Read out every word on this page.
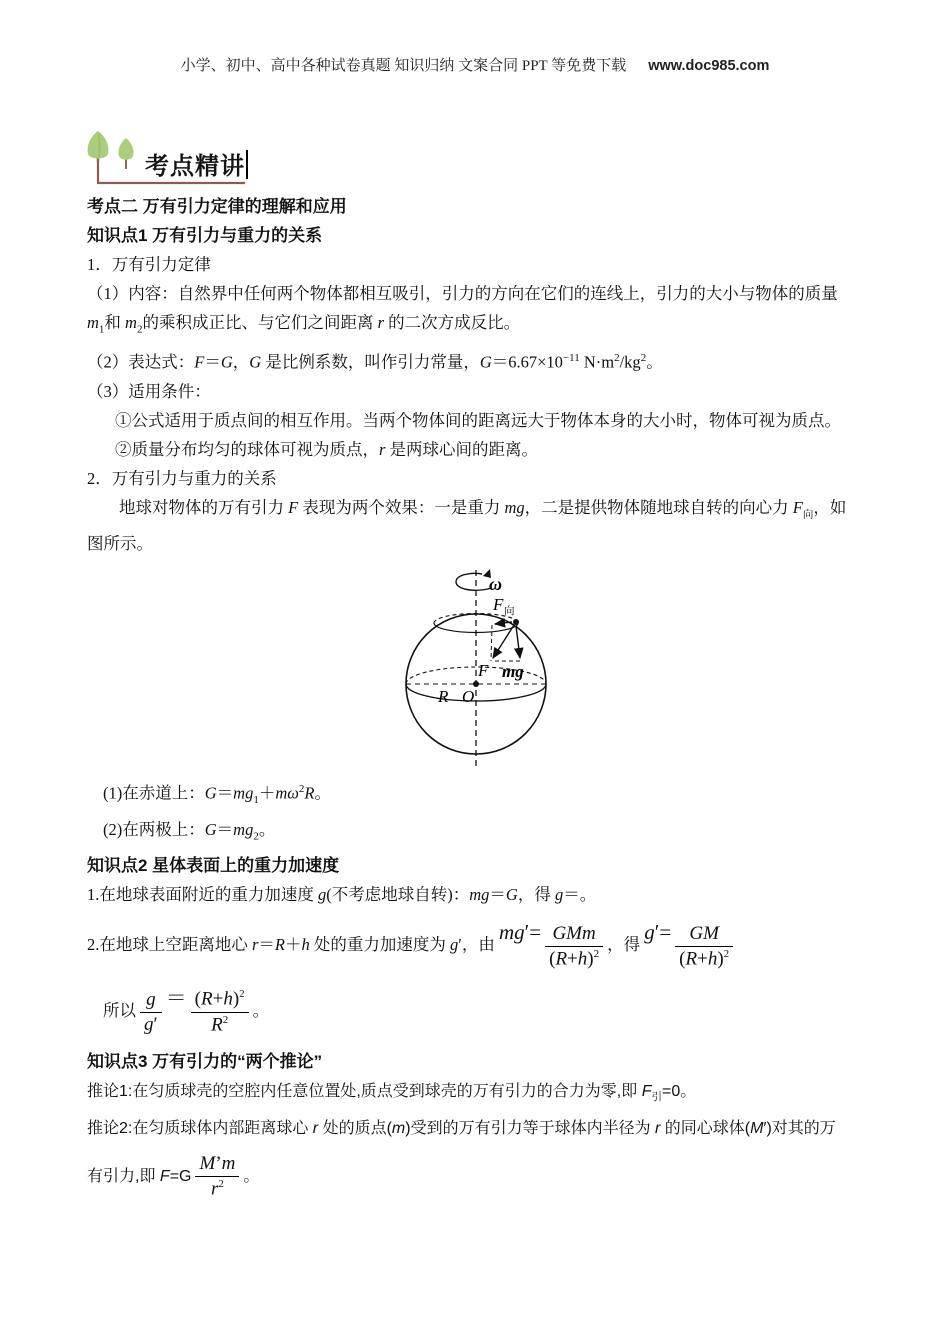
小学、初中、高中各种试卷真题 知识归纳 文案合同 PPT 等免费下载 www.doc985.com
考点精讲

考点二 万有引力定律的理解和应用

知识点1 万有引力与重力的关系

1．万有引力定律

（1）内容：自然界中任何两个物体都相互吸引，引力的方向在它们的连线上，引力的大小与物体的质量

$m_1$和 $m_2$的乘积成正比、与它们之间距离 r 的二次方成反比。

（2）表达式：F＝G，G 是比例系数，叫作引力常量，$G=6.67\times 10^{-11}$ $N\cdot m^2/kg^2$。

（3）适用条件：

①公式适用于质点间的相互作用。当两个物体间的距离远大于物体本身的大小时，物体可视为质点。

②质量分布均匀的球体可视为质点，r 是两球心间的距离。

2．万有引力与重力的关系

地球对物体的万有引力 F 表现为两个效果：一是重力 mg，二是提供物体随地球自转的向心力 $F_向$，如

图所示。

ω
F 向
F mg
R O

(1)在赤道上：$G=mg_1+m\omega^2R$。

(2)在两极上：$G=mg_2$。

知识点2 星体表面上的重力加速度

1.在地球表面附近的重力加速度 g(不考虑地球自转)：mg＝G，得 g＝。

2.在地球上空距离地心 r＝R＋h 处的重力加速度为 g′，由 $mg'= \frac{\text{GMm}}{(R+h)^2}$ ，得 $g'= \frac{GM}{(R+h)^2}$

所以 $\frac{g}{g'} = \frac{(R+h)^2}{R^2}$ 。

知识点3 万有引力的“两个推论”

推论1:在匀质球壳的空腔内任意位置处,质点受到球壳的万有引力的合力为零,即 $F_引=0$。

推论2:在匀质球体内部距离球心 r 处的质点(m)受到的万有引力等于球体内半径为 r 的同心球体(M′)对其的万

有引力,即 $F=G \frac{M’m}{r^2}$ 。
